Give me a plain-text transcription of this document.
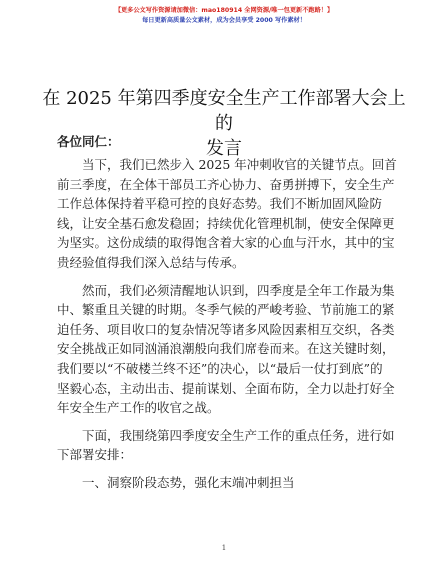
【更多公文写作资源请加微信：mao180914 全网资源/唯一包更新不跑路！】
每日更新高质量公文素材，成为会员享受 2000 写作素材！
在 2025 年第四季度安全生产工作部署大会上的
发言
各位同仁：

当下，我们已然步入 2025 年冲刺收官的关键节点。回首
前三季度，在全体干部员工齐心协力、奋勇拼搏下，安全生产
工作总体保持着平稳可控的良好态势。我们不断加固风险防
线，让安全基石愈发稳固；持续优化管理机制，使安全保障更
为坚实。这份成绩的取得饱含着大家的心血与汗水，其中的宝
贵经验值得我们深入总结与传承。

然而，我们必须清醒地认识到，四季度是全年工作最为集
中、繁重且关键的时期。冬季气候的严峻考验、节前施工的紧
迫任务、项目收口的复杂情况等诸多风险因素相互交织，各类
安全挑战正如同汹涌浪潮般向我们席卷而来。在这关键时刻，
我们要以“不破楼兰终不还”的决心，以“最后一仗打到底”的
坚毅心态，主动出击、提前谋划、全面布防，全力以赴打好全
年安全生产工作的收官之战。

下面，我围绕第四季度安全生产工作的重点任务，进行如
下部署安排：

一、洞察阶段态势，强化末端冲刺担当

1
